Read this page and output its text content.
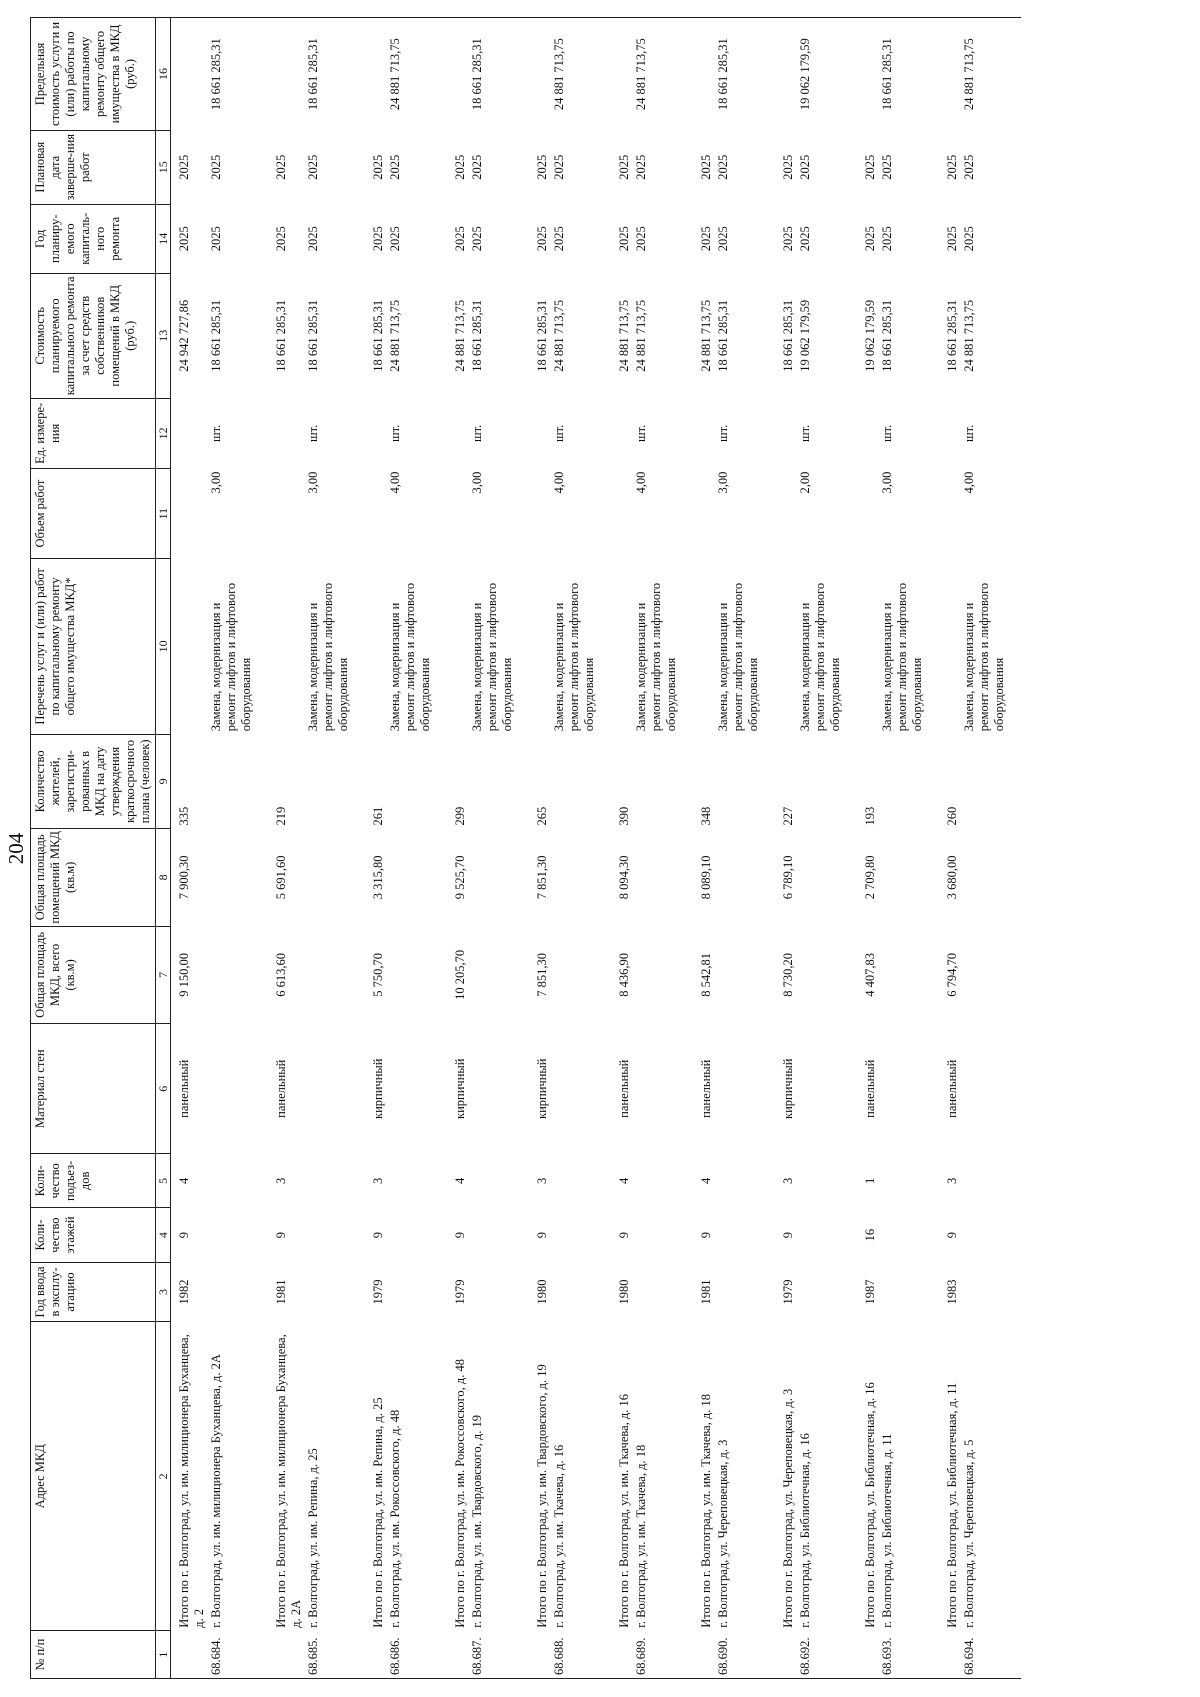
204
№ п/п	Адрес МКД	Год ввода в эксплу-атацию	Коли-чество этажей	Коли-чество подъез-дов	Материал стен	Общая площадь МКД, всего (кв.м)	Общая площадь помещений МКД (кв.м)	Количество жителей, зарегистри-рованных в МКД на дату утверждения краткосрочного плана (человек)	Перечень услуг и (или) работ по капитальному ремонту общего имущества МКД*	Объем работ	Ед. измере-ния	Стоимость планируемого капитального ремонта за счет средств собственников помещений в МКД (руб.)	Год планиру-емого капиталь-ного ремонта	Плановая дата заверше-ния работ	Предельная стоимость услуги и (или) работы по капитальному ремонту общего имущества в МКД (руб.)
1	2	3	4	5	6	7	8	9	10	11	12	13	14	15	16
	Итого по г. Волгоград, ул. им. милиционера Буханцева, д. 2	1982	9	4	панельный	9 150,00	7 900,30	335				24 942 727,86	2025	2025	
68.684.	г. Волгоград, ул. им. милиционера Буханцева, д. 2А								Замена, модернизация и ремонт лифтов и лифтового оборудования	3,00	шт.	18 661 285,31	2025	2025	18 661 285,31
	Итого по г. Волгоград, ул. им. милиционера Буханцева, д. 2А	1981	9	3	панельный	6 613,60	5 691,60	219				18 661 285,31	2025	2025	
68.685.	г. Волгоград, ул. им. Репина, д. 25								Замена, модернизация и ремонт лифтов и лифтового оборудования	3,00	шт.	18 661 285,31	2025	2025	18 661 285,31
	Итого по г. Волгоград, ул. им. Репина, д. 25	1979	9	3	кирпичный	5 750,70	3 315,80	261				18 661 285,31	2025	2025	
68.686.	г. Волгоград, ул. им. Рокоссовского, д. 48								Замена, модернизация и ремонт лифтов и лифтового оборудования	4,00	шт.	24 881 713,75	2025	2025	24 881 713,75
	Итого по г. Волгоград, ул. им. Рокоссовского, д. 48	1979	9	4	кирпичный	10 205,70	9 525,70	299				24 881 713,75	2025	2025	
68.687.	г. Волгоград, ул. им. Твардовского, д. 19								Замена, модернизация и ремонт лифтов и лифтового оборудования	3,00	шт.	18 661 285,31	2025	2025	18 661 285,31
	Итого по г. Волгоград, ул. им. Твардовского, д. 19	1980	9	3	кирпичный	7 851,30	7 851,30	265				18 661 285,31	2025	2025	
68.688.	г. Волгоград, ул. им. Ткачева, д. 16								Замена, модернизация и ремонт лифтов и лифтового оборудования	4,00	шт.	24 881 713,75	2025	2025	24 881 713,75
	Итого по г. Волгоград, ул. им. Ткачева, д. 16	1980	9	4	панельный	8 436,90	8 094,30	390				24 881 713,75	2025	2025	
68.689.	г. Волгоград, ул. им. Ткачева, д. 18								Замена, модернизация и ремонт лифтов и лифтового оборудования	4,00	шт.	24 881 713,75	2025	2025	24 881 713,75
	Итого по г. Волгоград, ул. им. Ткачева, д. 18	1981	9	4	панельный	8 542,81	8 089,10	348				24 881 713,75	2025	2025	
68.690.	г. Волгоград, ул. Череповецкая, д. 3								Замена, модернизация и ремонт лифтов и лифтового оборудования	3,00	шт.	18 661 285,31	2025	2025	18 661 285,31
	Итого по г. Волгоград, ул. Череповецкая, д. 3	1979	9	3	кирпичный	8 730,20	6 789,10	227				18 661 285,31	2025	2025	
68.692.	г. Волгоград, ул. Библиотечная, д. 16								Замена, модернизация и ремонт лифтов и лифтового оборудования	2,00	шт.	19 062 179,59	2025	2025	19 062 179,59
	Итого по г. Волгоград, ул. Библиотечная, д. 16	1987	16	1	панельный	4 407,83	2 709,80	193				19 062 179,59	2025	2025	
68.693.	г. Волгоград, ул. Библиотечная, д. 11								Замена, модернизация и ремонт лифтов и лифтового оборудования	3,00	шт.	18 661 285,31	2025	2025	18 661 285,31
	Итого по г. Волгоград, ул. Библиотечная, д. 11	1983	9	3	панельный	6 794,70	3 680,00	260				18 661 285,31	2025	2025	
68.694.	г. Волгоград, ул. Череповецкая, д. 5								Замена, модернизация и ремонт лифтов и лифтового оборудования	4,00	шт.	24 881 713,75	2025	2025	24 881 713,75
